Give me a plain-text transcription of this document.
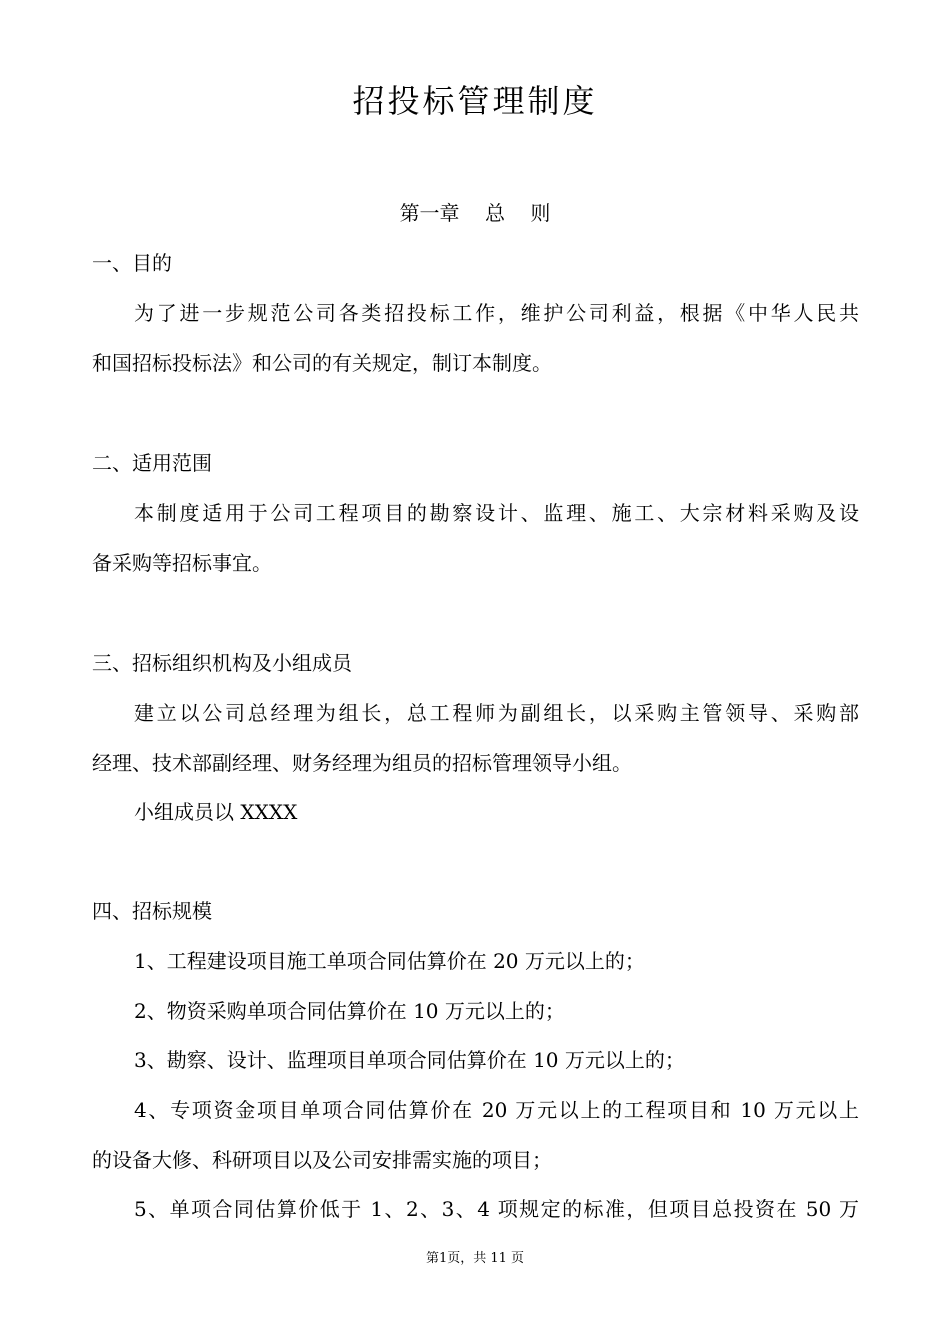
招投标管理制度
第一章    总    则
一、目的
为了进一步规范公司各类招投标工作，维护公司利益，根据《中华人民共
和国招标投标法》和公司的有关规定，制订本制度。
二、适用范围
本制度适用于公司工程项目的勘察设计、监理、施工、大宗材料采购及设
备采购等招标事宜。
三、招标组织机构及小组成员
建立以公司总经理为组长，总工程师为副组长，以采购主管领导、采购部
经理、技术部副经理、财务经理为组员的招标管理领导小组。
小组成员以 XXXX
四、招标规模
1、工程建设项目施工单项合同估算价在 20 万元以上的；
2、物资采购单项合同估算价在 10 万元以上的；
3、勘察、设计、监理项目单项合同估算价在 10 万元以上的；
4、专项资金项目单项合同估算价在 20 万元以上的工程项目和 10 万元以上
的设备大修、科研项目以及公司安排需实施的项目；
5、单项合同估算价低于 1、2、3、4 项规定的标准，但项目总投资在 50 万
第1页，共 11 页
